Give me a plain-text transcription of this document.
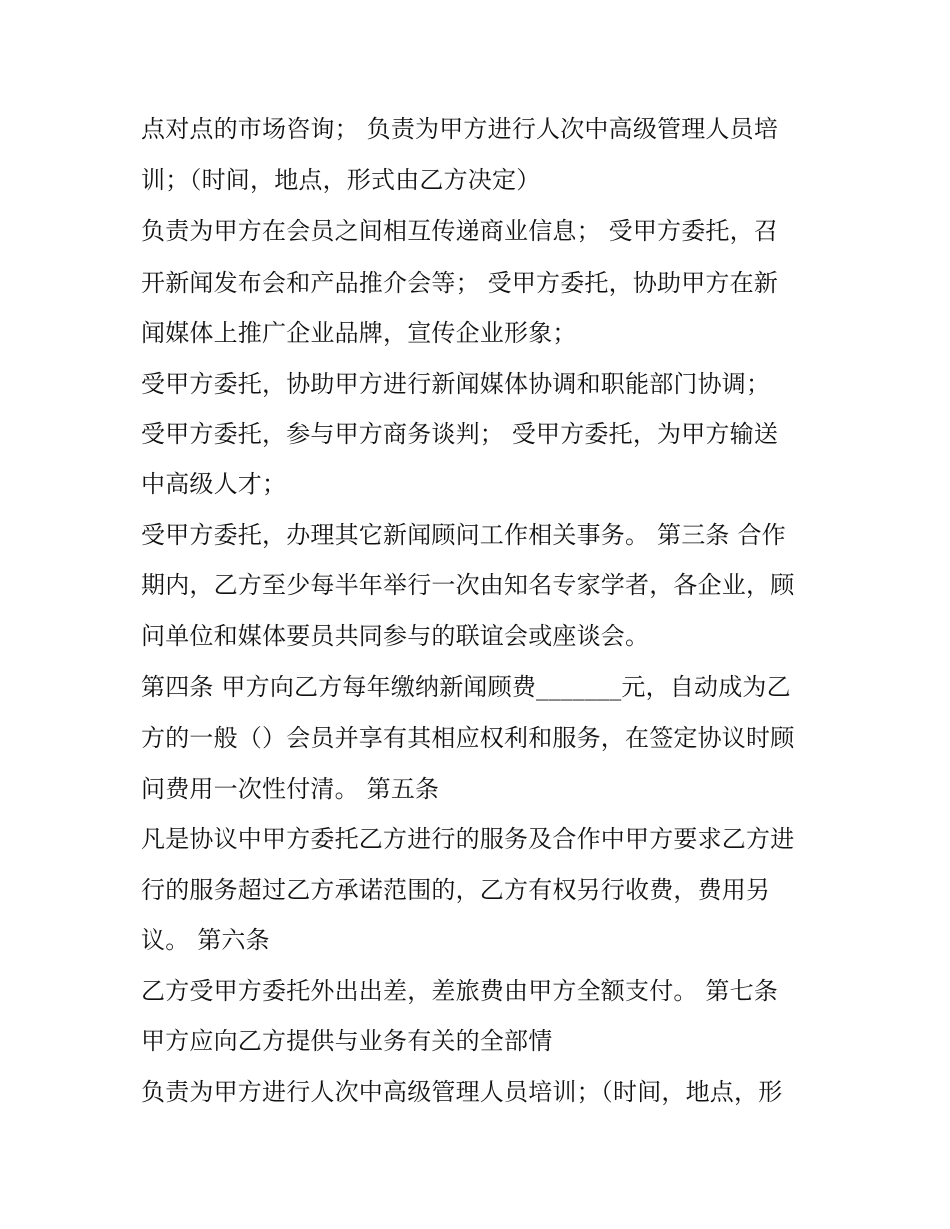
点对点的市场咨询； 负责为甲方进行人次中高级管理人员培

训；（时间，地点，形式由乙方决定）

负责为甲方在会员之间相互传递商业信息； 受甲方委托，召

开新闻发布会和产品推介会等； 受甲方委托，协助甲方在新

闻媒体上推广企业品牌，宣传企业形象；

受甲方委托，协助甲方进行新闻媒体协调和职能部门协调；

受甲方委托，参与甲方商务谈判； 受甲方委托，为甲方输送

中高级人才；

受甲方委托，办理其它新闻顾问工作相关事务。 第三条 合作

期内，乙方至少每半年举行一次由知名专家学者，各企业，顾

问单位和媒体要员共同参与的联谊会或座谈会。

第四条 甲方向乙方每年缴纳新闻顾费_______元，自动成为乙

方的一般（）会员并享有其相应权利和服务，在签定协议时顾

问费用一次性付清。 第五条

凡是协议中甲方委托乙方进行的服务及合作中甲方要求乙方进

行的服务超过乙方承诺范围的，乙方有权另行收费，费用另

议。 第六条

乙方受甲方委托外出出差，差旅费由甲方全额支付。 第七条

甲方应向乙方提供与业务有关的全部情

负责为甲方进行人次中高级管理人员培训；（时间，地点，形
